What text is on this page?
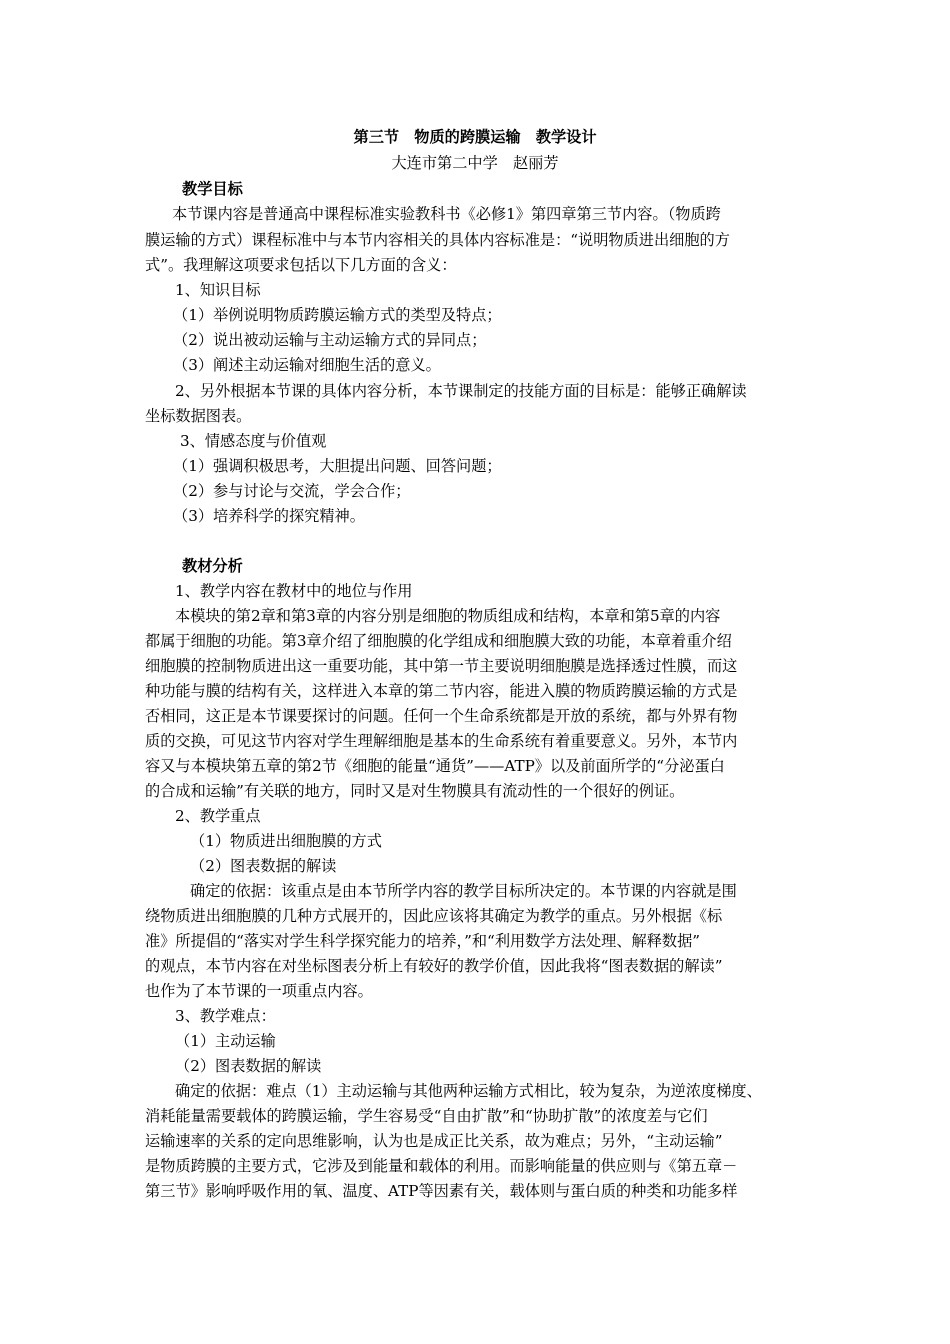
第三节　物质的跨膜运输　教学设计
大连市第二中学　赵丽芳
教学目标
本节课内容是普通高中课程标准实验教科书《必修1》第四章第三节内容。（物质跨
膜运输的方式）课程标准中与本节内容相关的具体内容标准是：“说明物质进出细胞的方
式”。我理解这项要求包括以下几方面的含义：
1、知识目标
（1）举例说明物质跨膜运输方式的类型及特点；
（2）说出被动运输与主动运输方式的异同点；
（3）阐述主动运输对细胞生活的意义。
2、另外根据本节课的具体内容分析，本节课制定的技能方面的目标是：能够正确解读
坐标数据图表。
3、情感态度与价值观
（1）强调积极思考，大胆提出问题、回答问题；
（2）参与讨论与交流，学会合作；
（3）培养科学的探究精神。
教材分析
1、教学内容在教材中的地位与作用
本模块的第2章和第3章的内容分别是细胞的物质组成和结构，本章和第5章的内容
都属于细胞的功能。第3章介绍了细胞膜的化学组成和细胞膜大致的功能，本章着重介绍
细胞膜的控制物质进出这一重要功能，其中第一节主要说明细胞膜是选择透过性膜，而这
种功能与膜的结构有关，这样进入本章的第二节内容，能进入膜的物质跨膜运输的方式是
否相同，这正是本节课要探讨的问题。任何一个生命系统都是开放的系统，都与外界有物
质的交换，可见这节内容对学生理解细胞是基本的生命系统有着重要意义。另外，本节内
容又与本模块第五章的第2节《细胞的能量“通货”——ATP》以及前面所学的“分泌蛋白
的合成和运输”有关联的地方，同时又是对生物膜具有流动性的一个很好的例证。
2、教学重点
（1）物质进出细胞膜的方式
（2）图表数据的解读
确定的依据：该重点是由本节所学内容的教学目标所决定的。本节课的内容就是围
绕物质进出细胞膜的几种方式展开的，因此应该将其确定为教学的重点。另外根据《标
准》所提倡的“落实对学生科学探究能力的培养，”和“利用数学方法处理、解释数据”
的观点，本节内容在对坐标图表分析上有较好的教学价值，因此我将“图表数据的解读”
也作为了本节课的一项重点内容。
3、教学难点：
（1）主动运输
（2）图表数据的解读
确定的依据：难点（1）主动运输与其他两种运输方式相比，较为复杂，为逆浓度梯度、
消耗能量需要载体的跨膜运输，学生容易受“自由扩散”和“协助扩散”的浓度差与它们
运输速率的关系的定向思维影响，认为也是成正比关系，故为难点；另外，“主动运输”
是物质跨膜的主要方式，它涉及到能量和载体的利用。而影响能量的供应则与《第五章－
第三节》影响呼吸作用的氧、温度、ATP等因素有关，载体则与蛋白质的种类和功能多样
